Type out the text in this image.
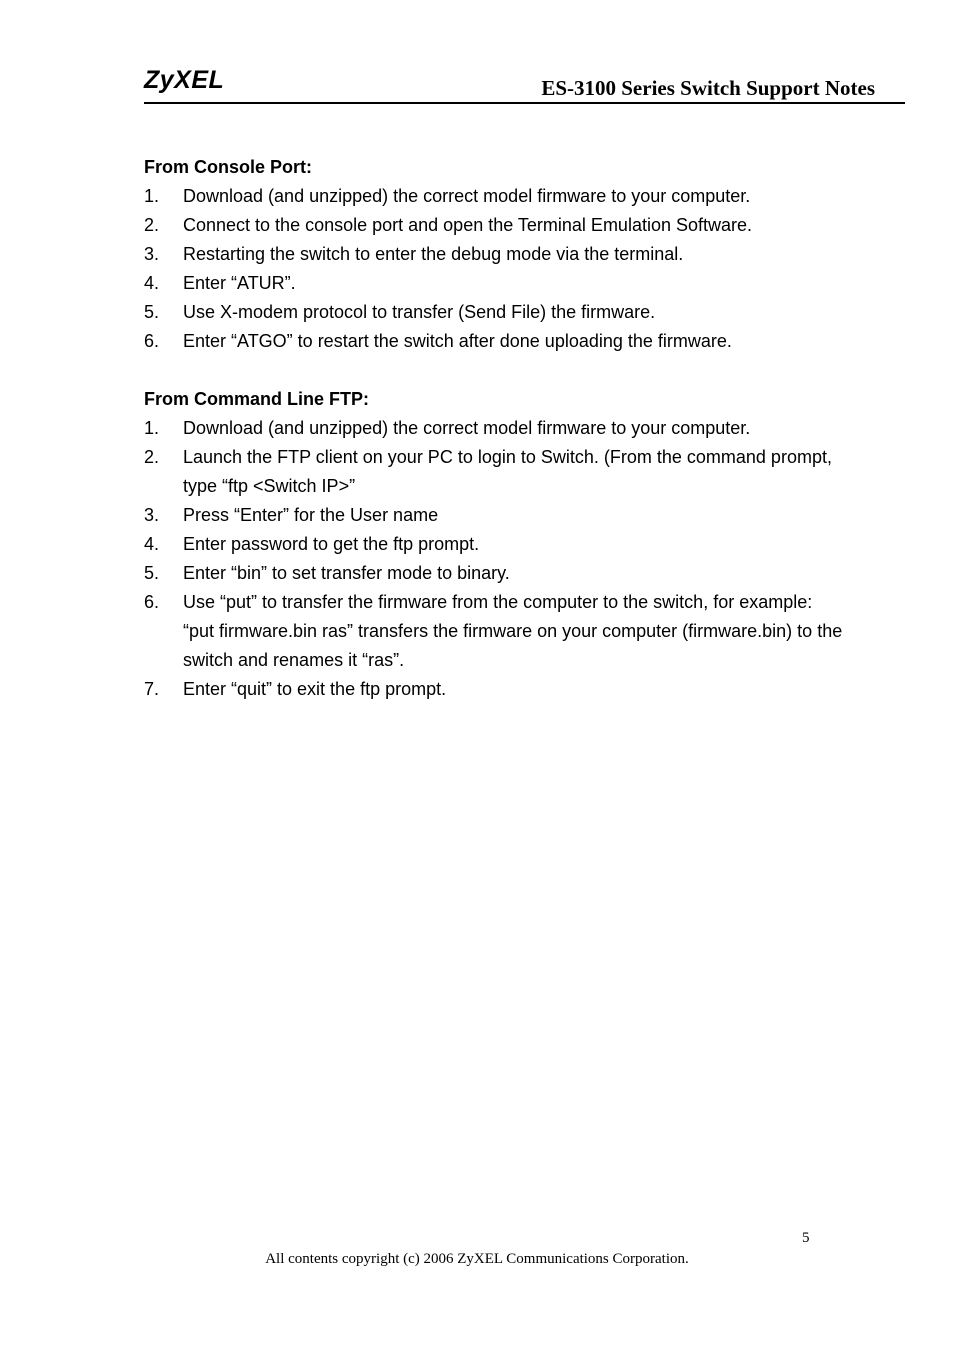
ZyXEL	ES-3100 Series Switch Support Notes

From Console Port:

1. Download (and unzipped) the correct model firmware to your computer.
2. Connect to the console port and open the Terminal Emulation Software.
3. Restarting the switch to enter the debug mode via the terminal.
4. Enter “ATUR”.
5. Use X-modem protocol to transfer (Send File) the firmware.
6. Enter “ATGO” to restart the switch after done uploading the firmware.

From Command Line FTP:

1. Download (and unzipped) the correct model firmware to your computer.
2. Launch the FTP client on your PC to login to Switch. (From the command prompt, type “ftp <Switch IP>”
3. Press “Enter” for the User name
4. Enter password to get the ftp prompt.
5. Enter “bin” to set transfer mode to binary.
6. Use “put” to transfer the firmware from the computer to the switch, for example: “put firmware.bin ras” transfers the firmware on your computer (firmware.bin) to the switch and renames it “ras”.
7. Enter “quit” to exit the ftp prompt.
5
All contents copyright (c) 2006 ZyXEL Communications Corporation.
